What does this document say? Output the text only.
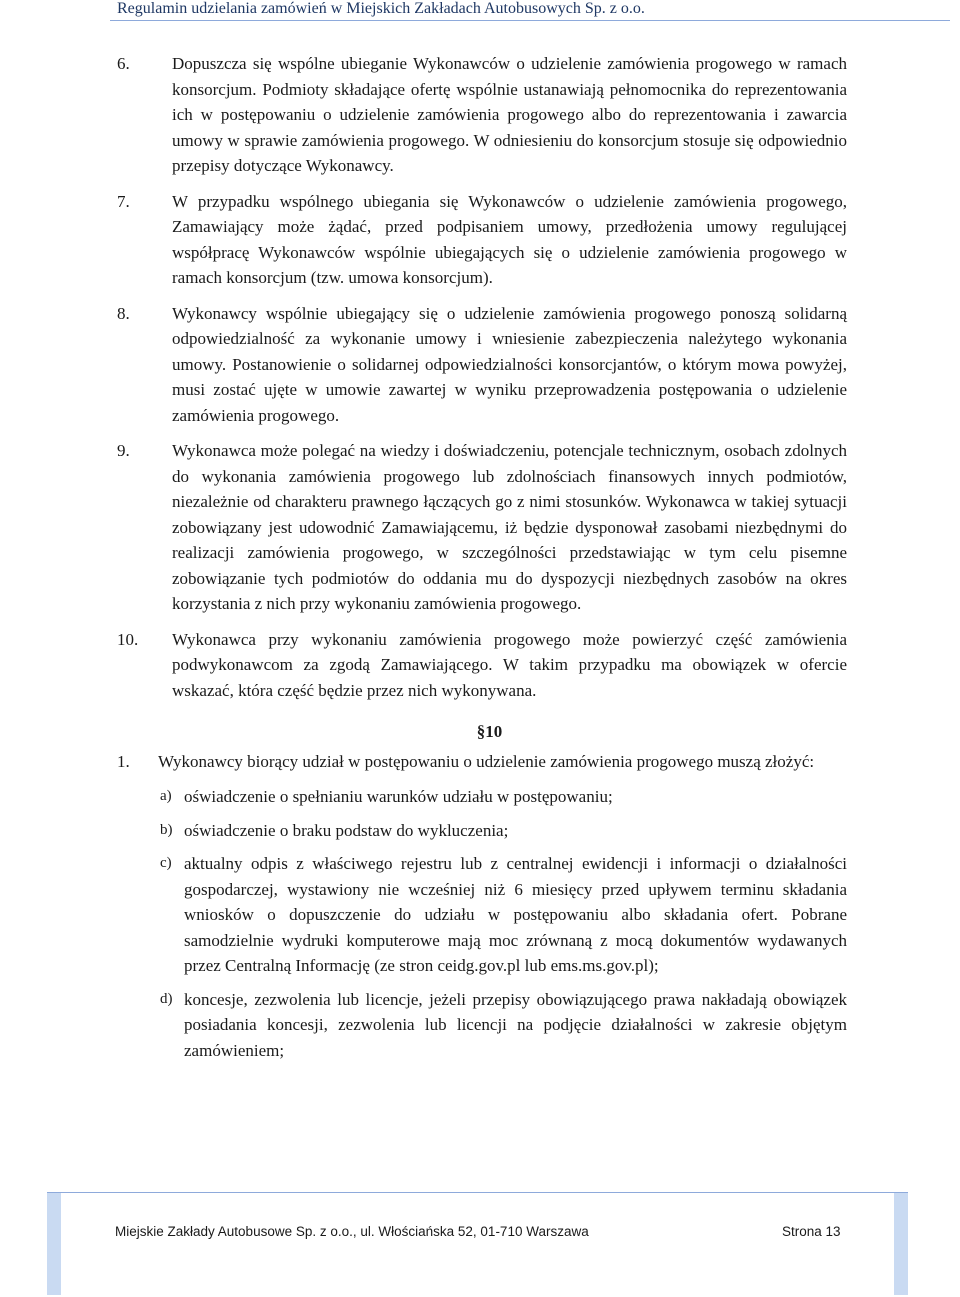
Regulamin udzielania zamówień w Miejskich Zakładach Autobusowych Sp. z o.o.
6.	Dopuszcza się wspólne ubieganie Wykonawców o udzielenie zamówienia progowego w ramach konsorcjum. Podmioty składające ofertę wspólnie ustanawiają pełnomocnika do reprezentowania ich w postępowaniu o udzielenie zamówienia progowego albo do reprezentowania i zawarcia umowy w sprawie zamówienia progowego. W odniesieniu do konsorcjum stosuje się odpowiednio przepisy dotyczące Wykonawcy.
7.	W przypadku wspólnego ubiegania się Wykonawców o udzielenie zamówienia progowego, Zamawiający może żądać, przed podpisaniem umowy, przedłożenia umowy regulującej współpracę Wykonawców wspólnie ubiegających się o udzielenie zamówienia progowego w ramach konsorcjum (tzw. umowa konsorcjum).
8.	Wykonawcy wspólnie ubiegający się o udzielenie zamówienia progowego ponoszą solidarną odpowiedzialność za wykonanie umowy i wniesienie zabezpieczenia należytego wykonania umowy. Postanowienie o solidarnej odpowiedzialności konsorcjantów, o którym mowa powyżej, musi zostać ujęte w umowie zawartej w wyniku przeprowadzenia postępowania o udzielenie zamówienia progowego.
9.	Wykonawca może polegać na wiedzy i doświadczeniu, potencjale technicznym, osobach zdolnych do wykonania zamówienia progowego lub zdolnościach finansowych innych podmiotów, niezależnie od charakteru prawnego łączących go z nimi stosunków. Wykonawca w takiej sytuacji zobowiązany jest udowodnić Zamawiającemu, iż będzie dysponował zasobami niezbędnymi do realizacji zamówienia progowego, w szczególności przedstawiając w tym celu pisemne zobowiązanie tych podmiotów do oddania mu do dyspozycji niezbędnych zasobów na okres korzystania z nich przy wykonaniu zamówienia progowego.
10.	Wykonawca przy wykonaniu zamówienia progowego może powierzyć część zamówienia podwykonawcom za zgodą Zamawiającego. W takim przypadku ma obowiązek w ofercie wskazać, która część będzie przez nich wykonywana.
§10
1.	Wykonawcy biorący udział w postępowaniu o udzielenie zamówienia progowego muszą złożyć:
a) oświadczenie o spełnianiu warunków udziału w postępowaniu;
b) oświadczenie o braku podstaw do wykluczenia;
c) aktualny odpis z właściwego rejestru lub z centralnej ewidencji i informacji o działalności gospodarczej, wystawiony nie wcześniej niż 6 miesięcy przed upływem terminu składania wniosków o dopuszczenie do udziału w postępowaniu albo składania ofert. Pobrane samodzielnie wydruki komputerowe mają moc zrównaną z mocą dokumentów wydawanych przez Centralną Informację (ze stron ceidg.gov.pl lub ems.ms.gov.pl);
d) koncesje, zezwolenia lub licencje, jeżeli przepisy obowiązującego prawa nakładają obowiązek posiadania koncesji, zezwolenia lub licencji na podjęcie działalności w zakresie objętym zamówieniem;
Miejskie Zakłady Autobusowe Sp. z o.o., ul. Włościańska 52, 01-710 Warszawa	Strona 13
